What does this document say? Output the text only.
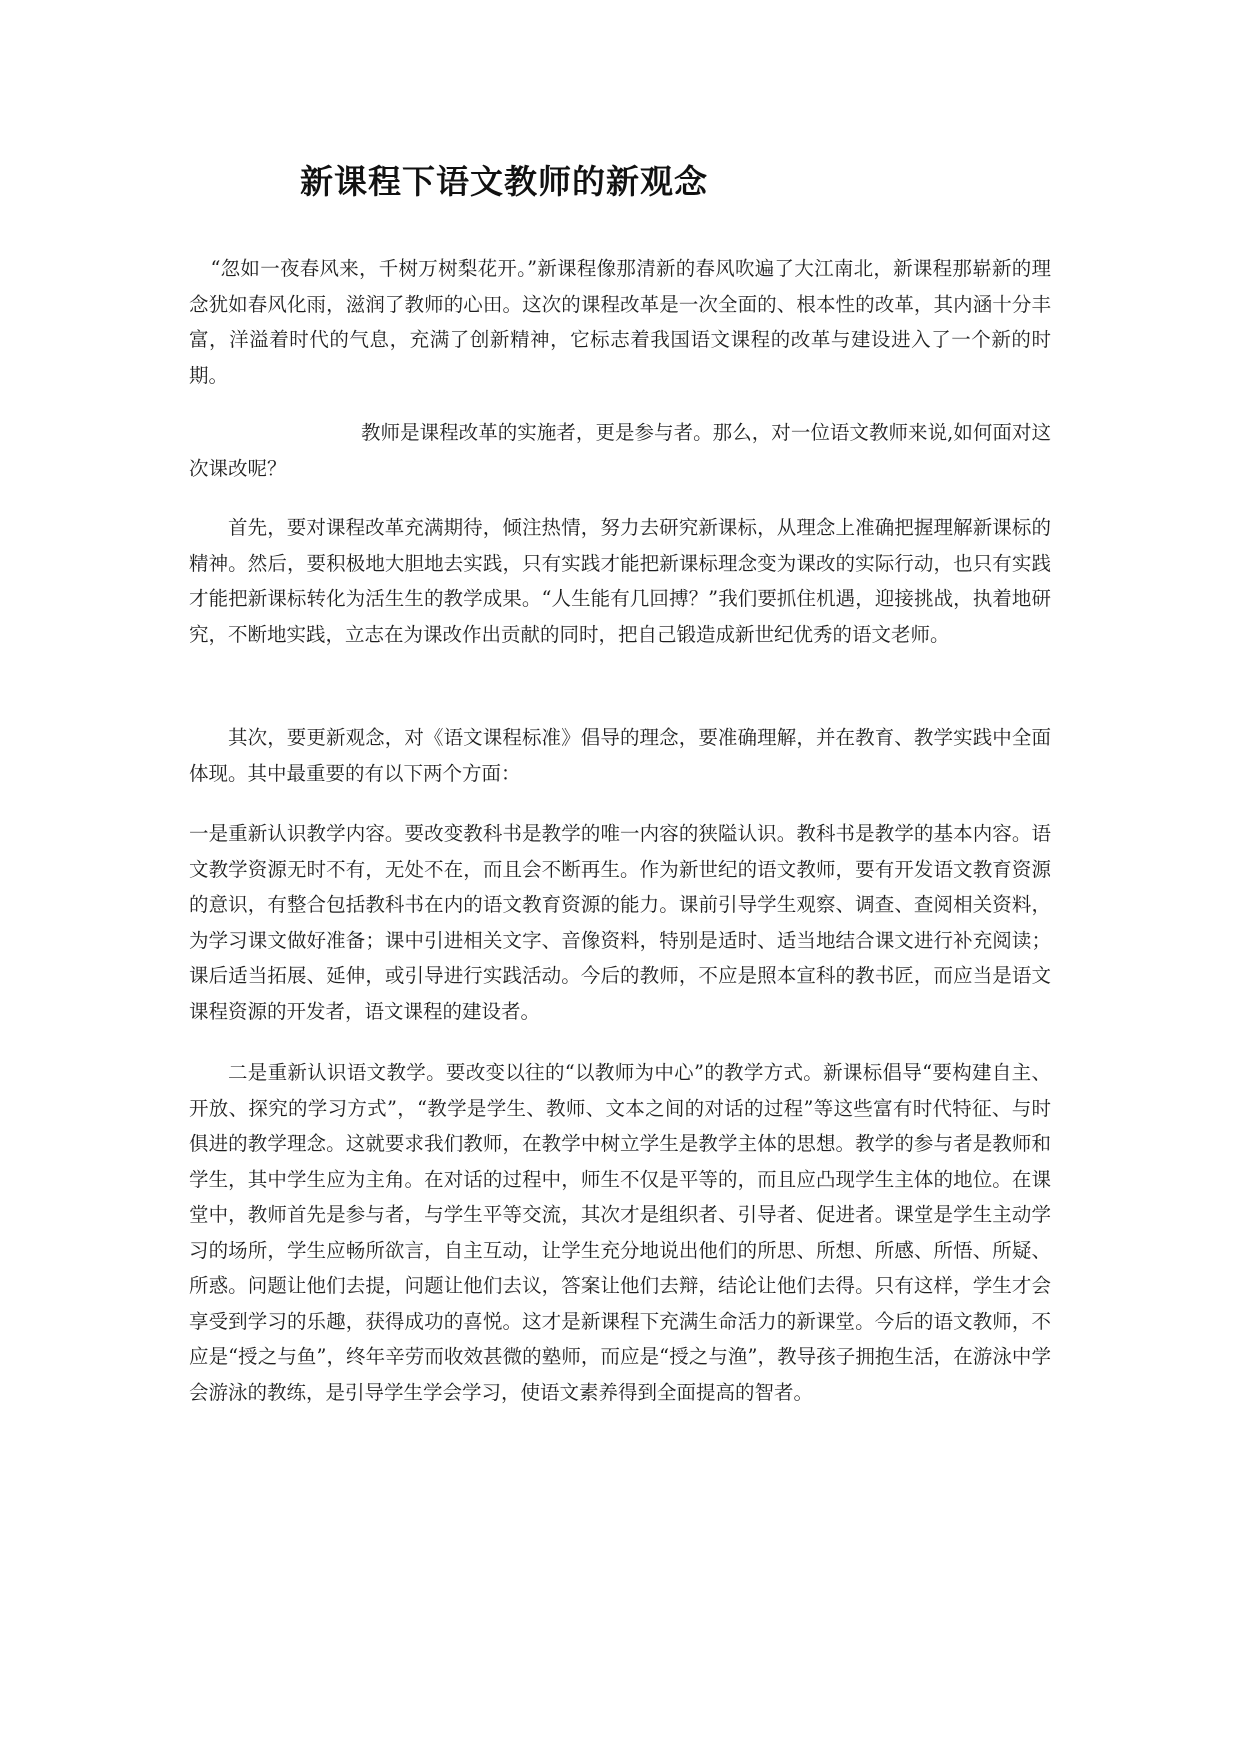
新课程下语文教师的新观念

“忽如一夜春风来，千树万树梨花开。”新课程像那清新的春风吹遍了大江南北，新课程那崭新的理念犹如春风化雨，滋润了教师的心田。这次的课程改革是一次全面的、根本性的改革，其内涵十分丰富，洋溢着时代的气息，充满了创新精神，它标志着我国语文课程的改革与建设进入了一个新的时期。

教师是课程改革的实施者，更是参与者。那么，对一位语文教师来说,如何面对这次课改呢？

首先，要对课程改革充满期待，倾注热情，努力去研究新课标，从理念上准确把握理解新课标的精神。然后，要积极地大胆地去实践，只有实践才能把新课标理念变为课改的实际行动，也只有实践才能把新课标转化为活生生的教学成果。“人生能有几回搏？”我们要抓住机遇，迎接挑战，执着地研究，不断地实践，立志在为课改作出贡献的同时，把自己锻造成新世纪优秀的语文老师。

其次，要更新观念，对《语文课程标准》倡导的理念，要准确理解，并在教育、教学实践中全面体现。其中最重要的有以下两个方面：

一是重新认识教学内容。要改变教科书是教学的唯一内容的狭隘认识。教科书是教学的基本内容。语文教学资源无时不有，无处不在，而且会不断再生。作为新世纪的语文教师，要有开发语文教育资源的意识，有整合包括教科书在内的语文教育资源的能力。课前引导学生观察、调查、查阅相关资料，为学习课文做好准备；课中引进相关文字、音像资料，特别是适时、适当地结合课文进行补充阅读；课后适当拓展、延伸，或引导进行实践活动。今后的教师，不应是照本宣科的教书匠，而应当是语文课程资源的开发者，语文课程的建设者。

二是重新认识语文教学。要改变以往的“以教师为中心”的教学方式。新课标倡导“要构建自主、开放、探究的学习方式”，“教学是学生、教师、文本之间的对话的过程”等这些富有时代特征、与时俱进的教学理念。这就要求我们教师，在教学中树立学生是教学主体的思想。教学的参与者是教师和学生，其中学生应为主角。在对话的过程中，师生不仅是平等的，而且应凸现学生主体的地位。在课堂中，教师首先是参与者，与学生平等交流，其次才是组织者、引导者、促进者。课堂是学生主动学习的场所，学生应畅所欲言，自主互动，让学生充分地说出他们的所思、所想、所感、所悟、所疑、所惑。问题让他们去提，问题让他们去议，答案让他们去辩，结论让他们去得。只有这样，学生才会享受到学习的乐趣，获得成功的喜悦。这才是新课程下充满生命活力的新课堂。今后的语文教师，不应是“授之与鱼”，终年辛劳而收效甚微的塾师，而应是“授之与渔”，教导孩子拥抱生活，在游泳中学会游泳的教练，是引导学生学会学习，使语文素养得到全面提高的智者。
